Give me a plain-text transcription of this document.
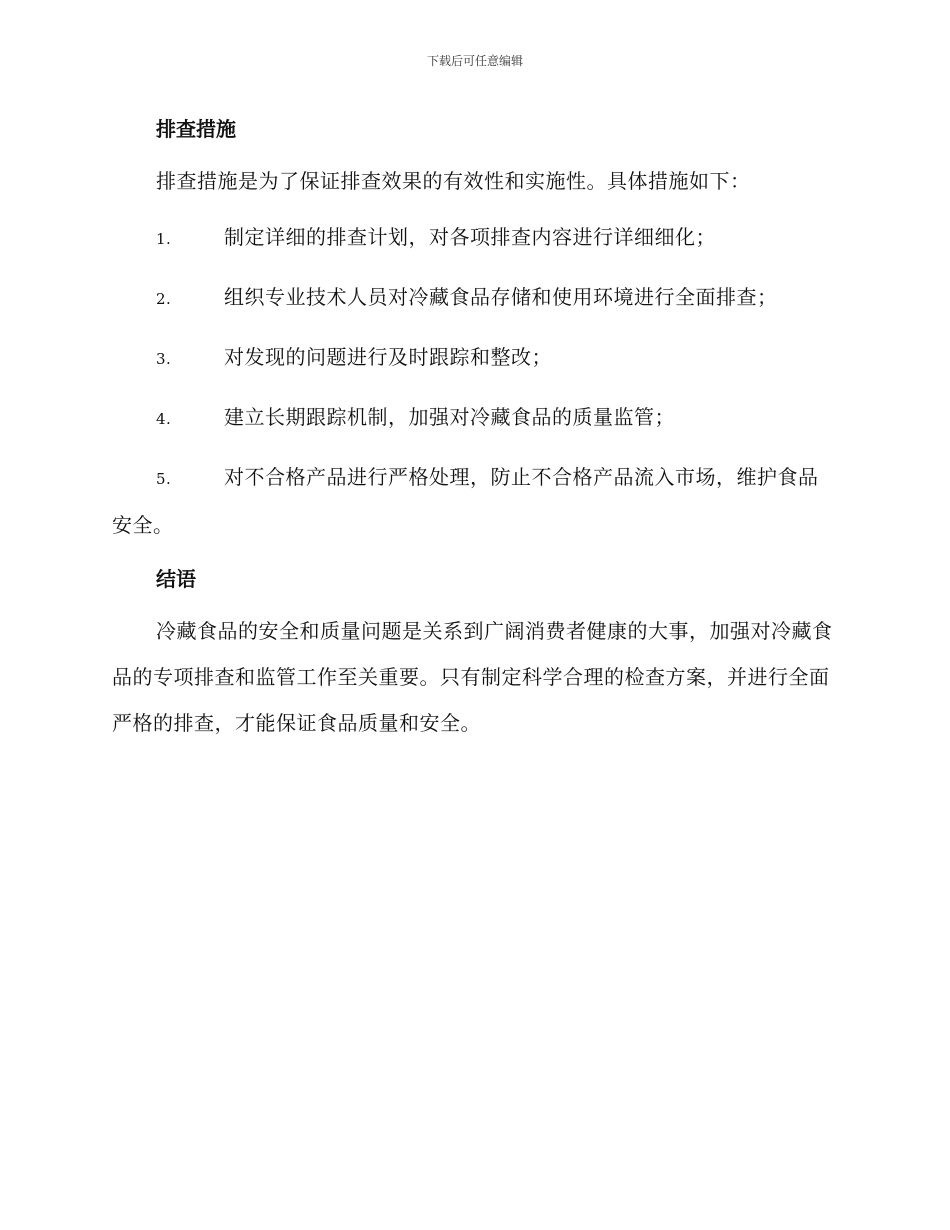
下载后可任意编辑
排查措施

排查措施是为了保证排查效果的有效性和实施性。具体措施如下：

1.	制定详细的排查计划，对各项排查内容进行详细细化；
2.	组织专业技术人员对冷藏食品存储和使用环境进行全面排查；
3.	对发现的问题进行及时跟踪和整改；
4.	建立长期跟踪机制，加强对冷藏食品的质量监管；
5.	对不合格产品进行严格处理，防止不合格产品流入市场，维护食品安全。
结语

冷藏食品的安全和质量问题是关系到广阔消费者健康的大事，加强对冷藏食品的专项排查和监管工作至关重要。只有制定科学合理的检查方案，并进行全面严格的排查，才能保证食品质量和安全。
